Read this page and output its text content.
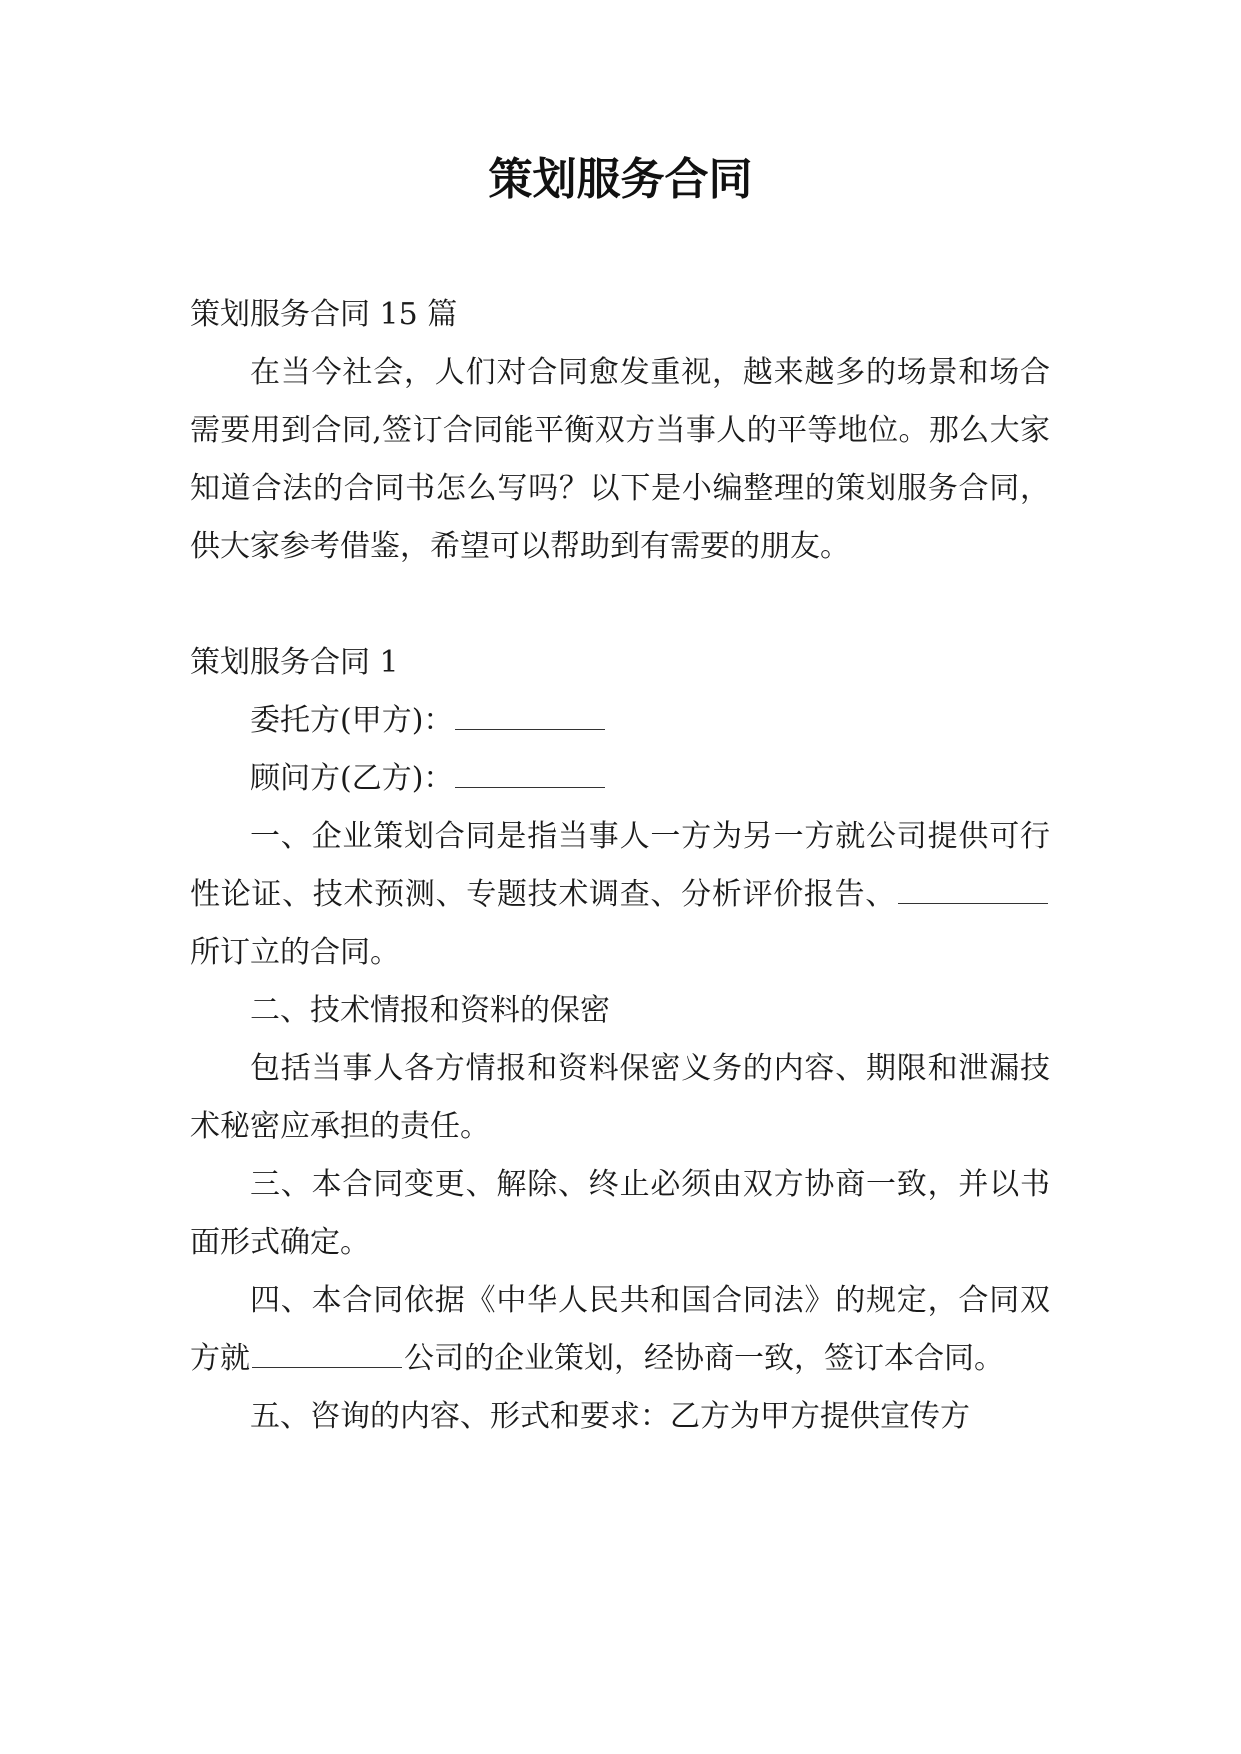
策划服务合同

策划服务合同 15 篇

在当今社会，人们对合同愈发重视，越来越多的场景和场合需要用到合同,签订合同能平衡双方当事人的平等地位。那么大家知道合法的合同书怎么写吗？以下是小编整理的策划服务合同，供大家参考借鉴，希望可以帮助到有需要的朋友。

策划服务合同 1

委托方(甲方)：

顾问方(乙方)：

一、企业策划合同是指当事人一方为另一方就公司提供可行性论证、技术预测、专题技术调查、分析评价报告、所订立的合同。

二、技术情报和资料的保密

包括当事人各方情报和资料保密义务的内容、期限和泄漏技术秘密应承担的责任。

三、本合同变更、解除、终止必须由双方协商一致，并以书面形式确定。

四、本合同依据《中华人民共和国合同法》的规定，合同双方就	公司的企业策划，经协商一致，签订本合同。

五、咨询的内容、形式和要求：乙方为甲方提供宣传方
